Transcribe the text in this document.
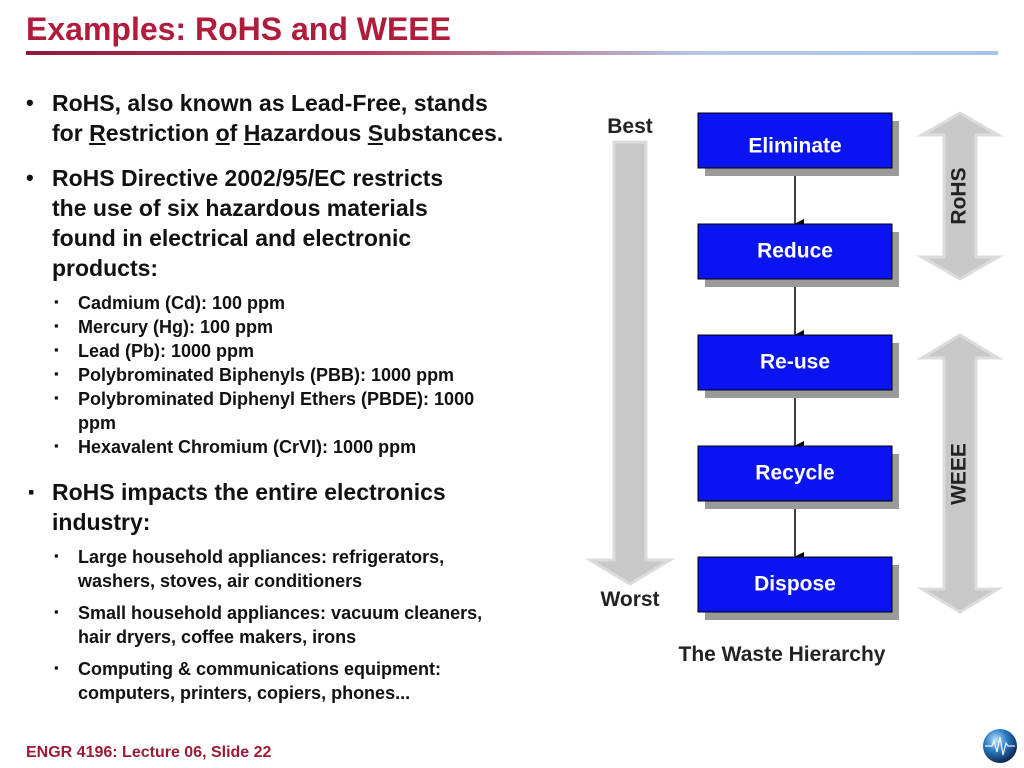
Examples: RoHS and WEEE
• RoHS, also known as Lead-Free, stands
for Restriction of Hazardous Substances.
• RoHS Directive 2002/95/EC restricts
the use of six hazardous materials
found in electrical and electronic
products:
▪ Cadmium (Cd): 100 ppm
▪ Mercury (Hg): 100 ppm
▪ Lead (Pb): 1000 ppm
▪ Polybrominated Biphenyls (PBB): 1000 ppm
▪ Polybrominated Diphenyl Ethers (PBDE): 1000
ppm
▪ Hexavalent Chromium (CrVI): 1000 ppm
▪ RoHS impacts the entire electronics
industry:
▪ Large household appliances: refrigerators,
washers, stoves, air conditioners
▪ Small household appliances: vacuum cleaners,
hair dryers, coffee makers, irons
▪ Computing & communications equipment:
computers, printers, copiers, phones...
Best
Worst
Eliminate
Reduce
Re-use
Recycle
Dispose
RoHS
WEEE
The Waste Hierarchy
ENGR 4196: Lecture 06, Slide 22
